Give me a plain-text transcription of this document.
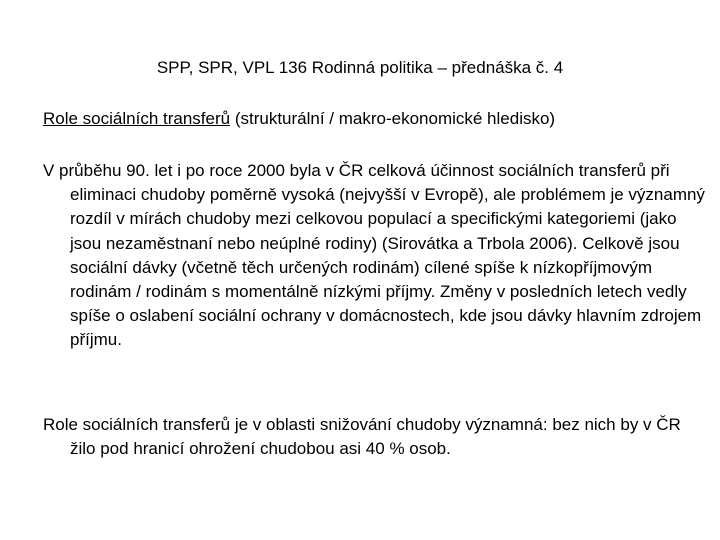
SPP, SPR, VPL 136 Rodinná politika – přednáška č. 4
Role sociálních transferů (strukturální / makro-ekonomické hledisko)
V průběhu 90. let i po roce 2000 byla v ČR celková účinnost sociálních transferů při eliminaci chudoby poměrně vysoká (nejvyšší v Evropě), ale problémem je významný rozdíl v mírách chudoby mezi celkovou populací a specifickými kategoriemi (jako jsou nezaměstnaní nebo neúplné rodiny) (Sirovátka a Trbola 2006). Celkově jsou sociální dávky (včetně těch určených rodinám) cílené spíše k nízkopříjmovým rodinám / rodinám s momentálně nízkými příjmy. Změny v posledních letech vedly spíše o oslabení sociální ochrany v domácnostech, kde jsou dávky hlavním zdrojem příjmu.
Role sociálních transferů je v oblasti snižování chudoby významná: bez nich by v ČR žilo pod hranicí ohrožení chudobou asi 40 % osob.
